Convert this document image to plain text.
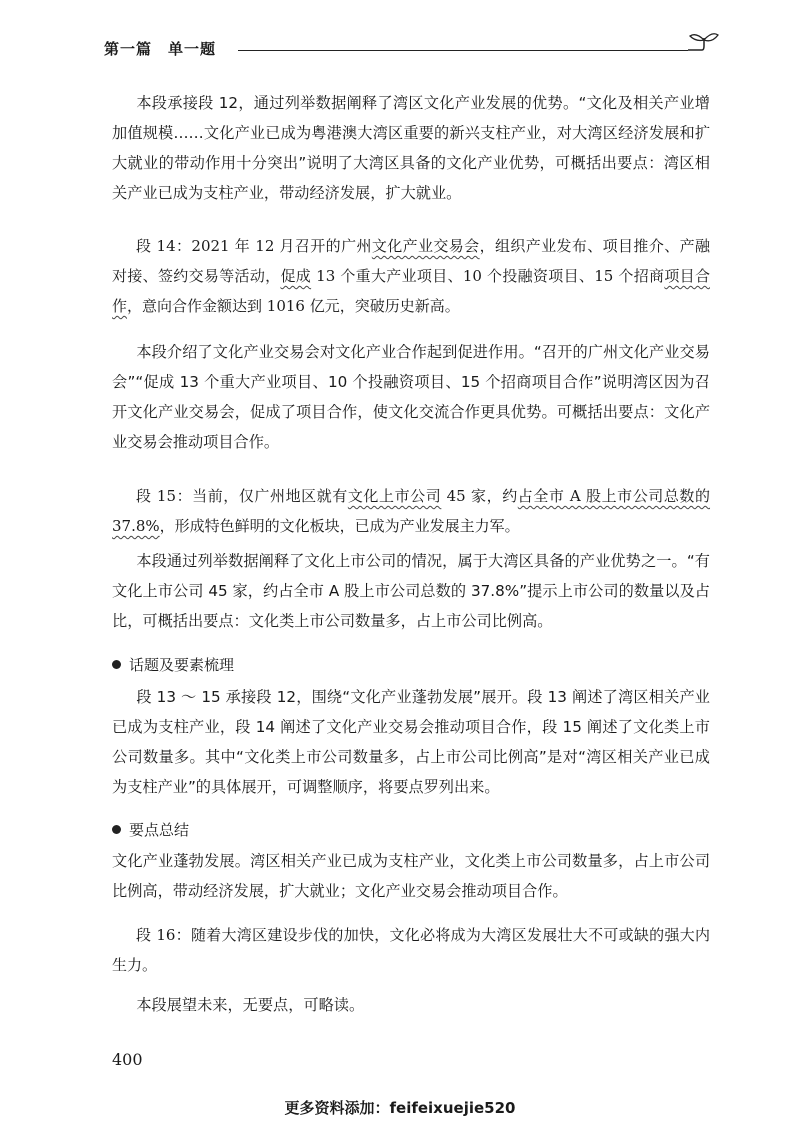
第一篇　单一题

本段承接段 12，通过列举数据阐释了湾区文化产业发展的优势。“文化及相关产业增加值规模……文化产业已成为粤港澳大湾区重要的新兴支柱产业，对大湾区经济发展和扩大就业的带动作用十分突出”说明了大湾区具备的文化产业优势，可概括出要点：湾区相关产业已成为支柱产业，带动经济发展，扩大就业。

段 14：2021 年 12 月召开的广州文化产业交易会，组织产业发布、项目推介、产融对接、签约交易等活动，促成 13 个重大产业项目、10 个投融资项目、15 个招商项目合作，意向合作金额达到 1016 亿元，突破历史新高。

本段介绍了文化产业交易会对文化产业合作起到促进作用。“召开的广州文化产业交易会”“促成 13 个重大产业项目、10 个投融资项目、15 个招商项目合作”说明湾区因为召开文化产业交易会，促成了项目合作，使文化交流合作更具优势。可概括出要点：文化产业交易会推动项目合作。

段 15：当前，仅广州地区就有文化上市公司 45 家，约占全市 A 股上市公司总数的 37.8%，形成特色鲜明的文化板块，已成为产业发展主力军。

本段通过列举数据阐释了文化上市公司的情况，属于大湾区具备的产业优势之一。“有文化上市公司 45 家，约占全市 A 股上市公司总数的 37.8%”提示上市公司的数量以及占比，可概括出要点：文化类上市公司数量多，占上市公司比例高。

话题及要素梳理

段 13 ～ 15 承接段 12，围绕“文化产业蓬勃发展”展开。段 13 阐述了湾区相关产业已成为支柱产业，段 14 阐述了文化产业交易会推动项目合作，段 15 阐述了文化类上市公司数量多。其中“文化类上市公司数量多，占上市公司比例高”是对“湾区相关产业已成为支柱产业”的具体展开，可调整顺序，将要点罗列出来。

要点总结

文化产业蓬勃发展。湾区相关产业已成为支柱产业，文化类上市公司数量多，占上市公司比例高，带动经济发展，扩大就业；文化产业交易会推动项目合作。

段 16：随着大湾区建设步伐的加快，文化必将成为大湾区发展壮大不可或缺的强大内生力。

本段展望未来，无要点，可略读。

400
更多资料添加：feifeixuejie520
